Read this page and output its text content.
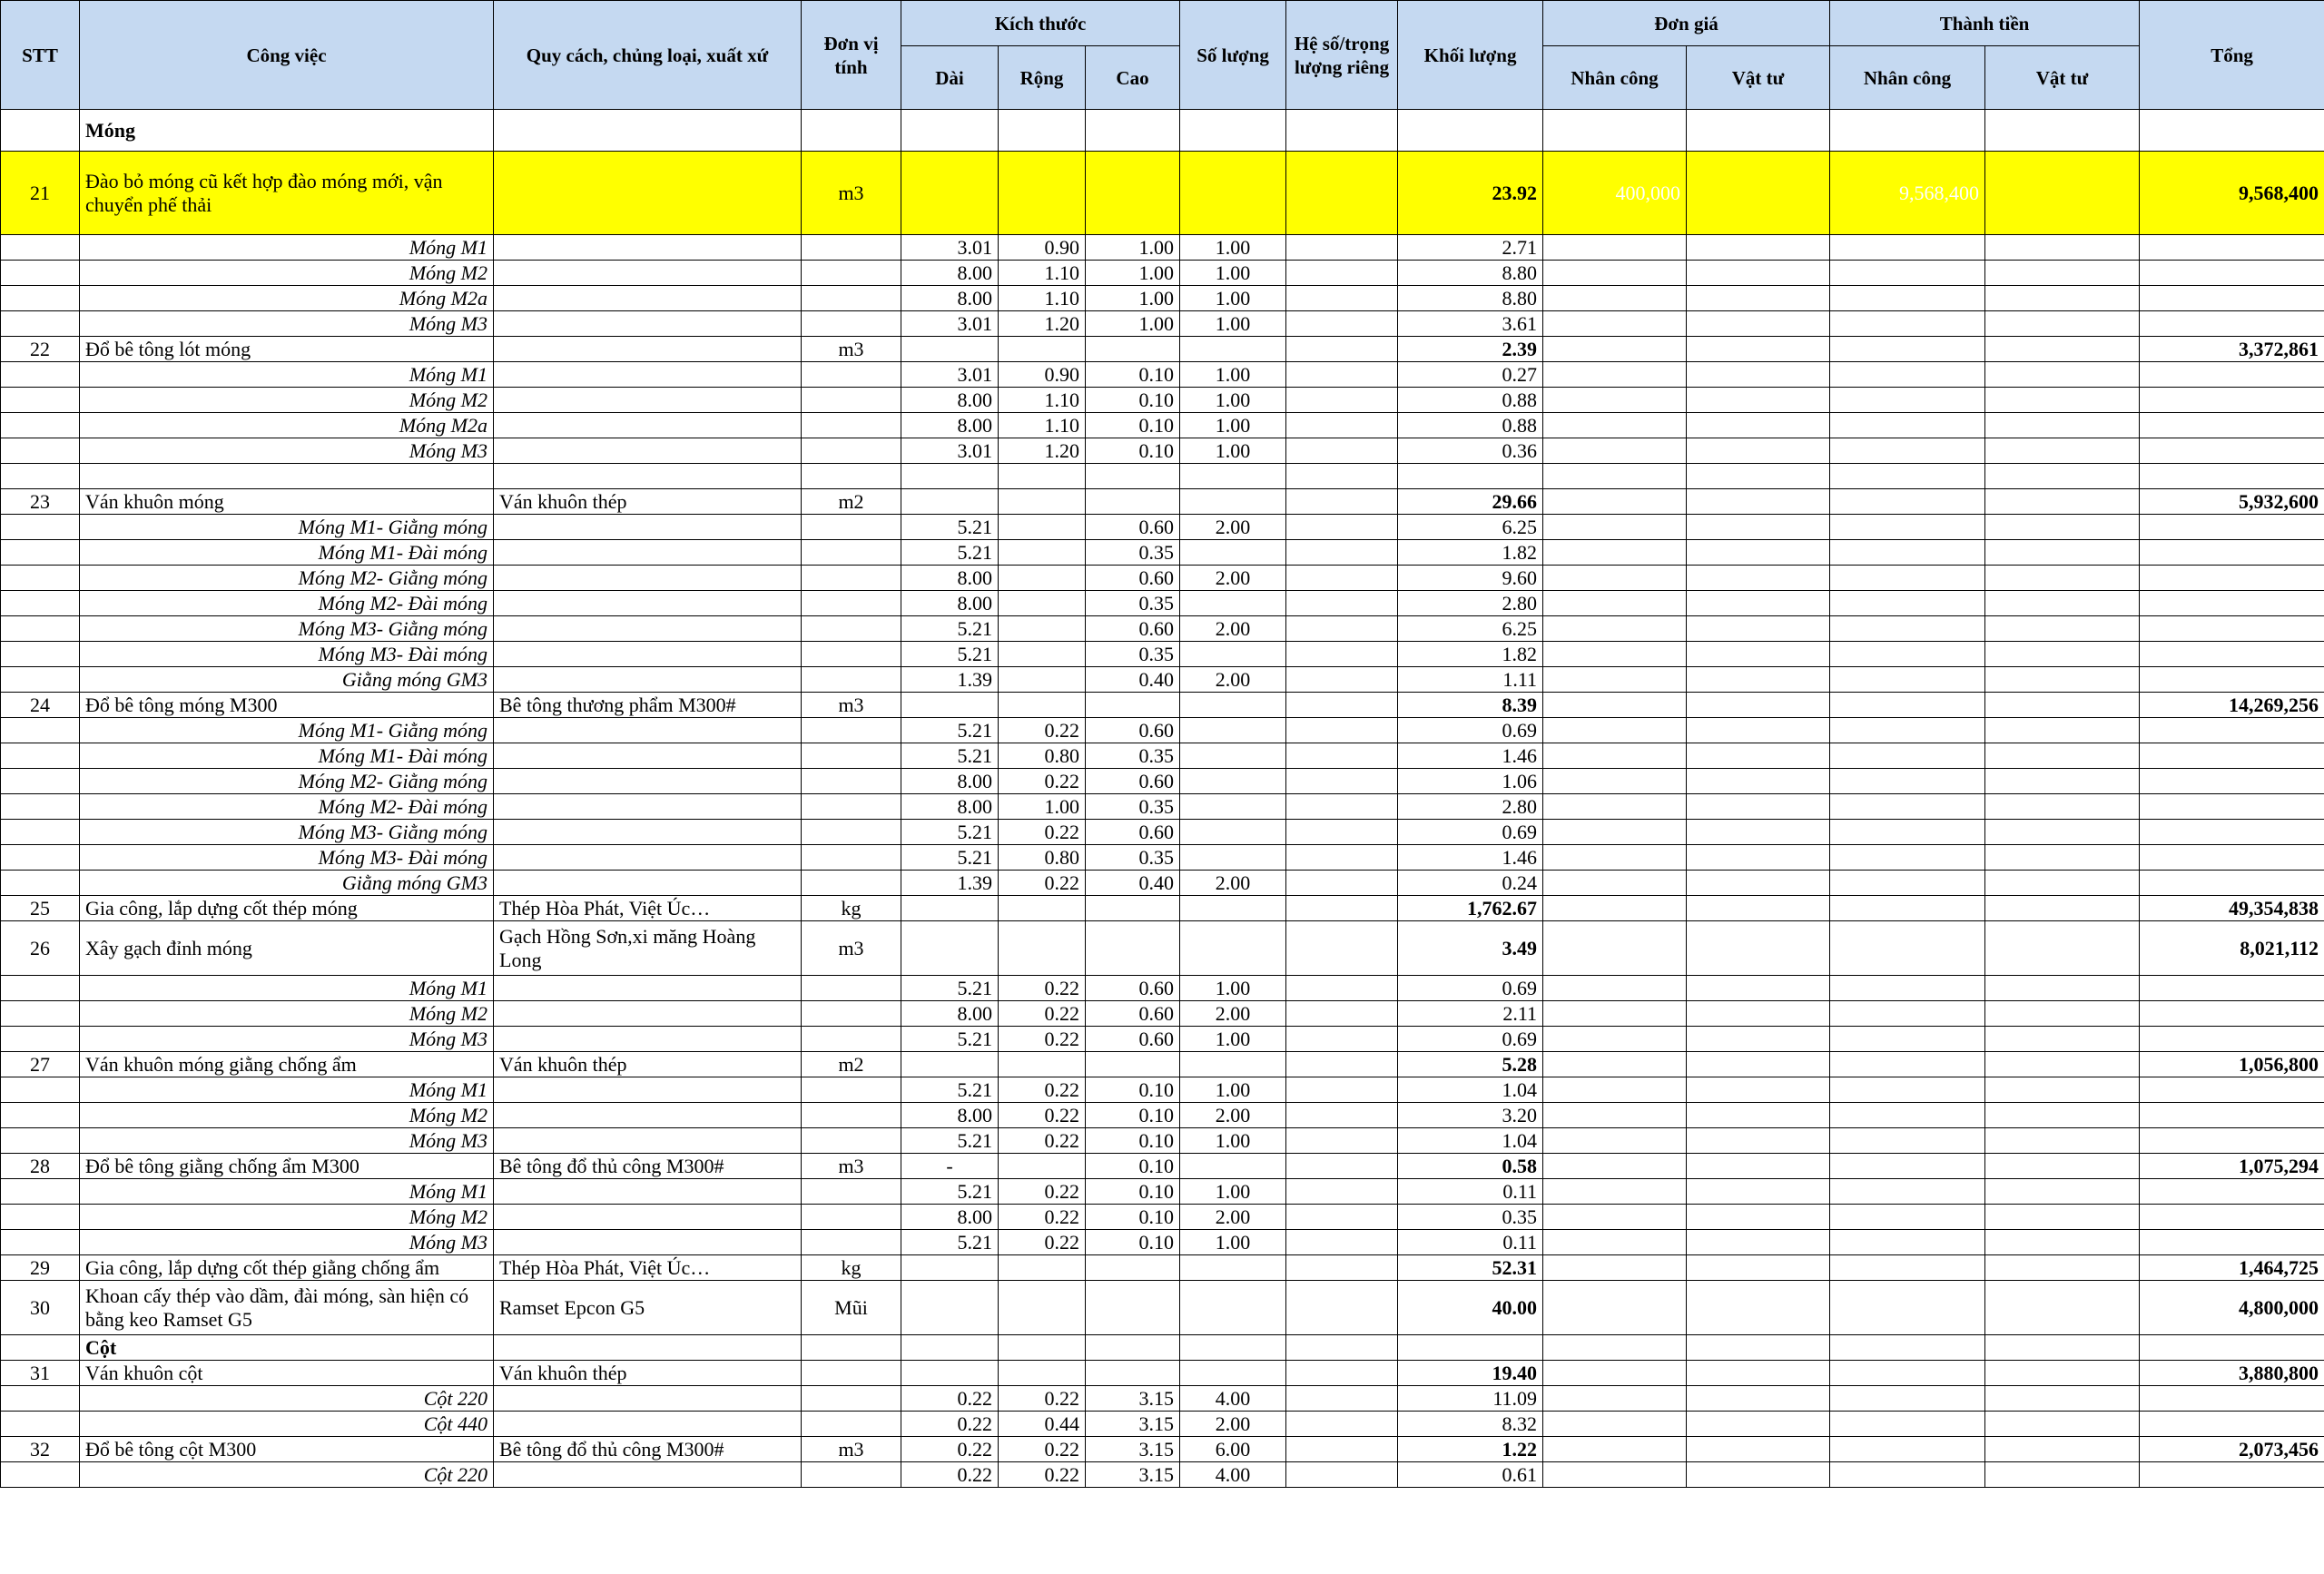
STT	Công việc	Quy cách, chủng loại, xuất xứ	Đơn vị tính	Kích thước			Số lượng	Hệ số/trọng lượng riêng	Khối lượng	Đơn giá		Thành tiền		Tổng
				Dài	Rộng	Cao				Nhân công	Vật tư	Nhân công	Vật tư	
	Móng													
21	Đào bỏ móng cũ kết hợp đào móng mới, vận chuyển phế thải		m3						23.92	400,000		9,568,400		9,568,400
	Móng M1			3.01	0.90	1.00	1.00		2.71					
	Móng M2			8.00	1.10	1.00	1.00		8.80					
	Móng M2a			8.00	1.10	1.00	1.00		8.80					
	Móng M3			3.01	1.20	1.00	1.00		3.61					
22	Đổ bê tông lót móng		m3						2.39					3,372,861
	Móng M1			3.01	0.90	0.10	1.00		0.27					
	Móng M2			8.00	1.10	0.10	1.00		0.88					
	Móng M2a			8.00	1.10	0.10	1.00		0.88					
	Móng M3			3.01	1.20	0.10	1.00		0.36					

23	Ván khuôn móng	Ván khuôn thép	m2						29.66					5,932,600
	Móng M1- Giằng móng			5.21		0.60	2.00		6.25					
	Móng M1- Đài móng			5.21		0.35			1.82					
	Móng M2- Giằng móng			8.00		0.60	2.00		9.60					
	Móng M2- Đài móng			8.00		0.35			2.80					
	Móng M3- Giằng móng			5.21		0.60	2.00		6.25					
	Móng M3- Đài móng			5.21		0.35			1.82					
	Giằng móng GM3			1.39		0.40	2.00		1.11					
24	Đổ bê tông móng M300	Bê tông thương phẩm M300#	m3						8.39					14,269,256
	Móng M1- Giằng móng			5.21	0.22	0.60			0.69					
	Móng M1- Đài móng			5.21	0.80	0.35			1.46					
	Móng M2- Giằng móng			8.00	0.22	0.60			1.06					
	Móng M2- Đài móng			8.00	1.00	0.35			2.80					
	Móng M3- Giằng móng			5.21	0.22	0.60			0.69					
	Móng M3- Đài móng			5.21	0.80	0.35			1.46					
	Giằng móng GM3			1.39	0.22	0.40	2.00		0.24					
25	Gia công, lắp dựng cốt thép móng	Thép Hòa Phát, Việt Úc…	kg						1,762.67					49,354,838
26	Xây gạch đỉnh móng	Gạch Hồng Sơn,xi măng Hoàng Long	m3						3.49					8,021,112
	Móng M1			5.21	0.22	0.60	1.00		0.69					
	Móng M2			8.00	0.22	0.60	2.00		2.11					
	Móng M3			5.21	0.22	0.60	1.00		0.69					
27	Ván khuôn móng giằng chống ẩm	Ván khuôn thép	m2						5.28					1,056,800
	Móng M1			5.21	0.22	0.10	1.00		1.04					
	Móng M2			8.00	0.22	0.10	2.00		3.20					
	Móng M3			5.21	0.22	0.10	1.00		1.04					
28	Đổ bê tông giằng chống ẩm M300	Bê tông đổ thủ công M300#	m3	-		0.10			0.58					1,075,294
	Móng M1			5.21	0.22	0.10	1.00		0.11					
	Móng M2			8.00	0.22	0.10	2.00		0.35					
	Móng M3			5.21	0.22	0.10	1.00		0.11					
29	Gia công, lắp dựng cốt thép giằng chống ẩm	Thép Hòa Phát, Việt Úc…	kg						52.31					1,464,725
30	Khoan cấy thép vào dầm, đài móng, sàn hiện có bằng keo Ramset G5	Ramset Epcon G5	Mũi						40.00					4,800,000
	Cột													
31	Ván khuôn cột	Ván khuôn thép							19.40					3,880,800
	Cột 220			0.22	0.22	3.15	4.00		11.09					
	Cột 440			0.22	0.44	3.15	2.00		8.32					
32	Đổ bê tông cột M300	Bê tông đổ thủ công M300#	m3	0.22	0.22	3.15	6.00		1.22					2,073,456
	Cột 220			0.22	0.22	3.15	4.00		0.61					
